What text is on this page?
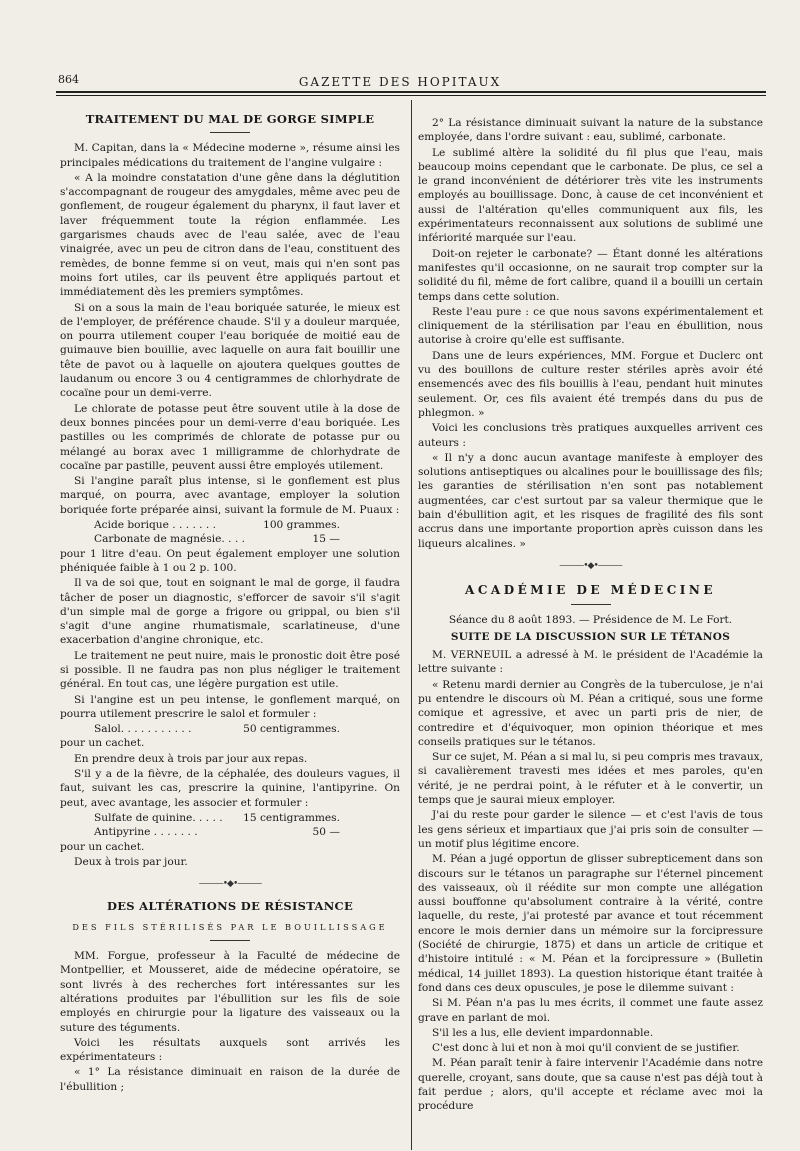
864	GAZETTE DES HOPITAUX
TRAITEMENT DU MAL DE GORGE SIMPLE

M. Capitan, dans la « Médecine moderne », résume ainsi les principales médications du traitement de l'angine vulgaire :

« A la moindre constatation d'une gêne dans la déglutition s'accompagnant de rougeur des amygdales, même avec peu de gonflement, de rougeur également du pharynx, il faut laver et laver fréquemment toute la région enflammée. Les gargarismes chauds avec de l'eau salée, avec de l'eau vinaigrée, avec un peu de citron dans de l'eau, constituent des remèdes, de bonne femme si on veut, mais qui n'en sont pas moins fort utiles, car ils peuvent être appliqués partout et immédiatement dès les premiers symptômes.

Si on a sous la main de l'eau boriquée saturée, le mieux est de l'employer, de préférence chaude. S'il y a douleur marquée, on pourra utilement couper l'eau boriquée de moitié eau de guimauve bien bouillie, avec laquelle on aura fait bouillir une tête de pavot ou à laquelle on ajoutera quelques gouttes de laudanum ou encore 3 ou 4 centigrammes de chlorhydrate de cocaïne pour un demi-verre.

Le chlorate de potasse peut être souvent utile à la dose de deux bonnes pincées pour un demi-verre d'eau boriquée. Les pastilles ou les comprimés de chlorate de potasse pur ou mélangé au borax avec 1 milligramme de chlorhydrate de cocaïne par pastille, peuvent aussi être employés utilement.

Si l'angine paraît plus intense, si le gonflement est plus marqué, on pourra, avec avantage, employer la solution boriquée forte préparée ainsi, suivant la formule de M. Puaux :

Acide borique . . . . . . .	100 grammes.
Carbonate de magnésie. . . .	15 —

pour 1 litre d'eau. On peut également employer une solution phéniquée faible à 1 ou 2 p. 100.

Il va de soi que, tout en soignant le mal de gorge, il faudra tâcher de poser un diagnostic, s'efforcer de savoir s'il s'agit d'un simple mal de gorge a frigore ou grippal, ou bien s'il s'agit d'une angine rhumatismale, scarlatineuse, d'une exacerbation d'angine chronique, etc.

Le traitement ne peut nuire, mais le pronostic doit être posé si possible. Il ne faudra pas non plus négliger le traitement général. En tout cas, une légère purgation est utile.

Si l'angine est un peu intense, le gonflement marqué, on pourra utilement prescrire le salol et formuler :

Salol. . . . . . . . . . .	50 centigrammes.

pour un cachet.

En prendre deux à trois par jour aux repas.

S'il y a de la fièvre, de la céphalée, des douleurs vagues, il faut, suivant les cas, prescrire la quinine, l'antipyrine. On peut, avec avantage, les associer et formuler :

Sulfate de quinine. . . . . 15 centigrammes.
Antipyrine . . . . . . .	50 —

pour un cachet.

Deux à trois par jour.

———•◆•———
DES ALTÉRATIONS DE RÉSISTANCE
DES FILS STÉRILISÉS PAR LE BOUILLISSAGE

MM. Forgue, professeur à la Faculté de médecine de Montpellier, et Mousseret, aide de médecine opératoire, se sont livrés à des recherches fort intéressantes sur les altérations produites par l'ébullition sur les fils de soie employés en chirurgie pour la ligature des vaisseaux ou la suture des téguments.

Voici les résultats auxquels sont arrivés les expérimentateurs :

« 1° La résistance diminuait en raison de la durée de l'ébullition ;

2° La résistance diminuait suivant la nature de la substance employée, dans l'ordre suivant : eau, sublimé, carbonate.

Le sublimé altère la solidité du fil plus que l'eau, mais beaucoup moins cependant que le carbonate. De plus, ce sel a le grand inconvénient de détériorer très vite les instruments employés au bouillissage. Donc, à cause de cet inconvénient et aussi de l'altération qu'elles communiquent aux fils, les expérimentateurs reconnaissent aux solutions de sublimé une infériorité marquée sur l'eau.

Doit-on rejeter le carbonate? — Étant donné les altérations manifestes qu'il occasionne, on ne saurait trop compter sur la solidité du fil, même de fort calibre, quand il a bouilli un certain temps dans cette solution.

Reste l'eau pure : ce que nous savons expérimentalement et cliniquement de la stérilisation par l'eau en ébullition, nous autorise à croire qu'elle est suffisante.

Dans une de leurs expériences, MM. Forgue et Duclerc ont vu des bouillons de culture rester stériles après avoir été ensemencés avec des fils bouillis à l'eau, pendant huit minutes seulement. Or, ces fils avaient été trempés dans du pus de phlegmon. »

Voici les conclusions très pratiques auxquelles arrivent ces auteurs :

« Il n'y a donc aucun avantage manifeste à employer des solutions antiseptiques ou alcalines pour le bouillissage des fils; les garanties de stérilisation n'en sont pas notablement augmentées, car c'est surtout par sa valeur thermique que le bain d'ébullition agit, et les risques de fragilité des fils sont accrus dans une importante proportion après cuisson dans les liqueurs alcalines. »

———•◆•———
ACADÉMIE DE MÉDECINE

Séance du 8 août 1893. — Présidence de M. Le Fort.

SUITE DE LA DISCUSSION SUR LE TÉTANOS

M. VERNEUIL a adressé à M. le président de l'Académie la lettre suivante :

« Retenu mardi dernier au Congrès de la tuberculose, je n'ai pu entendre le discours où M. Péan a critiqué, sous une forme comique et agressive, et avec un parti pris de nier, de contredire et d'équivoquer, mon opinion théorique et mes conseils pratiques sur le tétanos.

Sur ce sujet, M. Péan a si mal lu, si peu compris mes travaux, si cavalièrement travesti mes idées et mes paroles, qu'en vérité, je ne perdrai point, à le réfuter et à le convertir, un temps que je saurai mieux employer.

J'ai du reste pour garder le silence — et c'est l'avis de tous les gens sérieux et impartiaux que j'ai pris soin de consulter — un motif plus légitime encore.

M. Péan a jugé opportun de glisser subrepticement dans son discours sur le tétanos un paragraphe sur l'éternel pincement des vaisseaux, où il réédite sur mon compte une allégation aussi bouffonne qu'absolument contraire à la vérité, contre laquelle, du reste, j'ai protesté par avance et tout récemment encore le mois dernier dans un mémoire sur la forcipressure (Société de chirurgie, 1875) et dans un article de critique et d'histoire intitulé : « M. Péan et la forcipressure » (Bulletin médical, 14 juillet 1893). La question historique étant traitée à fond dans ces deux opuscules, je pose le dilemme suivant :

Si M. Péan n'a pas lu mes écrits, il commet une faute assez grave en parlant de moi.

S'il les a lus, elle devient impardonnable.

C'est donc à lui et non à moi qu'il convient de se justifier.

M. Péan paraît tenir à faire intervenir l'Académie dans notre querelle, croyant, sans doute, que sa cause n'est pas déjà tout à fait perdue ; alors, qu'il accepte et réclame avec moi la procédure
